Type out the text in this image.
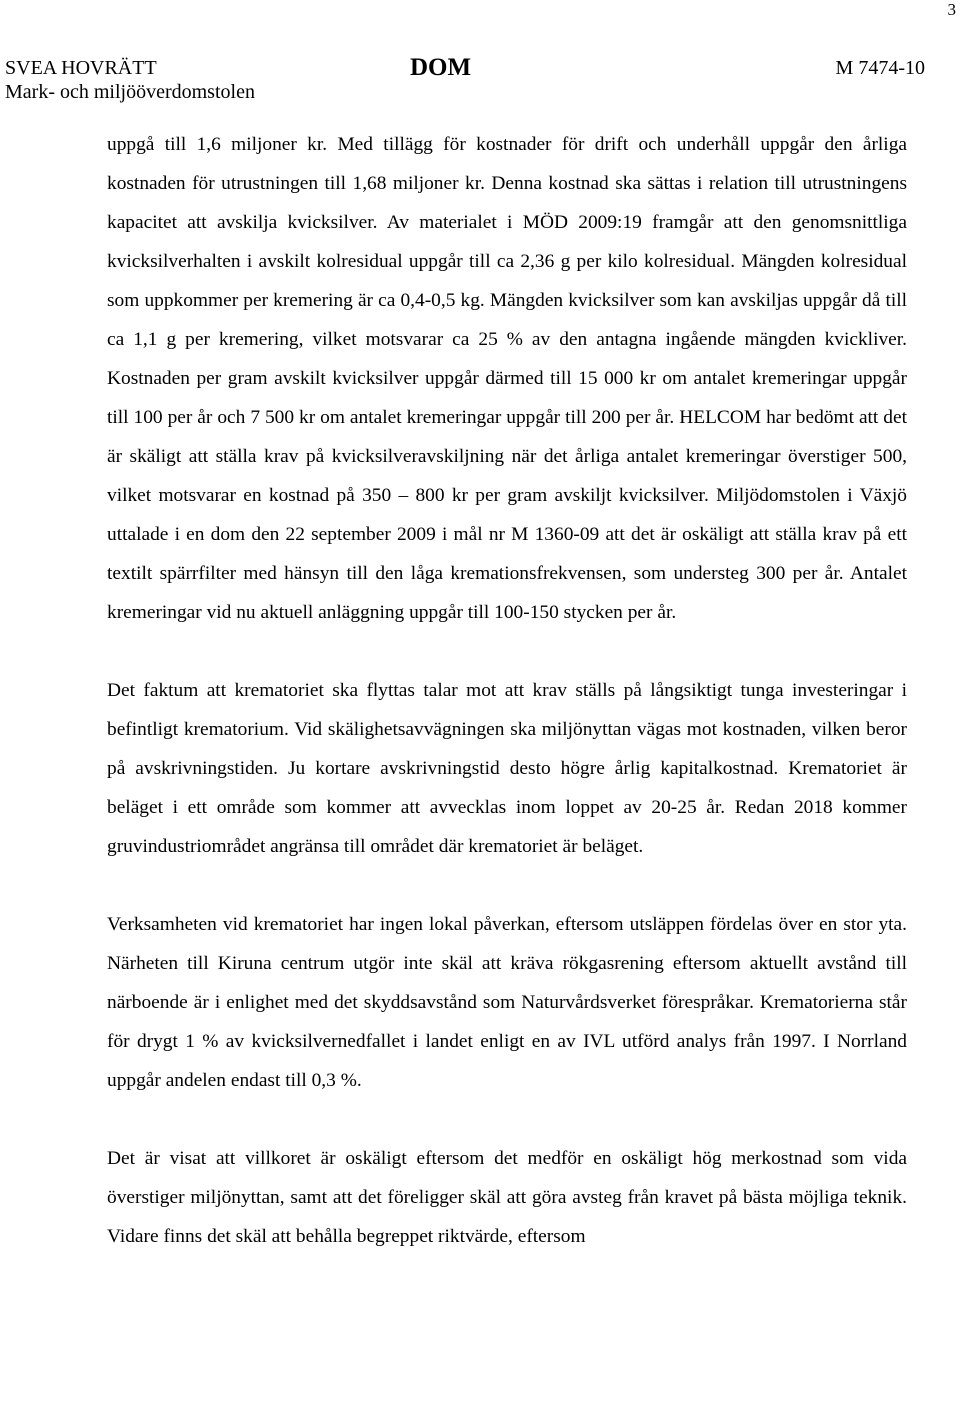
3
SVEA HOVRÄTT
Mark- och miljööverdomstolen
DOM	M 7474-10

uppgå till 1,6 miljoner kr. Med tillägg för kostnader för drift och underhåll uppgår den årliga kostnaden för utrustningen till 1,68 miljoner kr. Denna kostnad ska sättas i relation till utrustningens kapacitet att avskilja kvicksilver. Av materialet i MÖD 2009:19 framgår att den genomsnittliga kvicksilverhalten i avskilt kolresidual uppgår till ca 2,36 g per kilo kolresidual. Mängden kolresidual som uppkommer per kremering är ca 0,4-0,5 kg. Mängden kvicksilver som kan avskiljas uppgår då till ca 1,1 g per kremering, vilket motsvarar ca 25 % av den antagna ingående mängden kvickliver. Kostnaden per gram avskilt kvicksilver uppgår därmed till 15 000 kr om antalet kremeringar uppgår till 100 per år och 7 500 kr om antalet kremeringar uppgår till 200 per år. HELCOM har bedömt att det är skäligt att ställa krav på kvicksilveravskiljning när det årliga antalet kremeringar överstiger 500, vilket motsvarar en kostnad på 350 – 800 kr per gram avskiljt kvicksilver. Miljödomstolen i Växjö uttalade i en dom den 22 september 2009 i mål nr M 1360-09 att det är oskäligt att ställa krav på ett textilt spärrfilter med hänsyn till den låga kremationsfrekvensen, som understeg 300 per år. Antalet kremeringar vid nu aktuell anläggning uppgår till 100-150 stycken per år.

Det faktum att krematoriet ska flyttas talar mot att krav ställs på långsiktigt tunga investeringar i befintligt krematorium. Vid skälighetsavvägningen ska miljönyttan vägas mot kostnaden, vilken beror på avskrivningstiden. Ju kortare avskrivningstid desto högre årlig kapitalkostnad. Krematoriet är beläget i ett område som kommer att avvecklas inom loppet av 20-25 år. Redan 2018 kommer gruvindustriområdet angränsa till området där krematoriet är beläget.

Verksamheten vid krematoriet har ingen lokal påverkan, eftersom utsläppen fördelas över en stor yta. Närheten till Kiruna centrum utgör inte skäl att kräva rökgasrening eftersom aktuellt avstånd till närboende är i enlighet med det skyddsavstånd som Naturvårdsverket förespråkar. Krematorierna står för drygt 1 % av kvicksilvernedfallet i landet enligt en av IVL utförd analys från 1997. I Norrland uppgår andelen endast till 0,3 %.

Det är visat att villkoret är oskäligt eftersom det medför en oskäligt hög merkostnad som vida överstiger miljönyttan, samt att det föreligger skäl att göra avsteg från kravet på bästa möjliga teknik. Vidare finns det skäl att behålla begreppet riktvärde, eftersom
